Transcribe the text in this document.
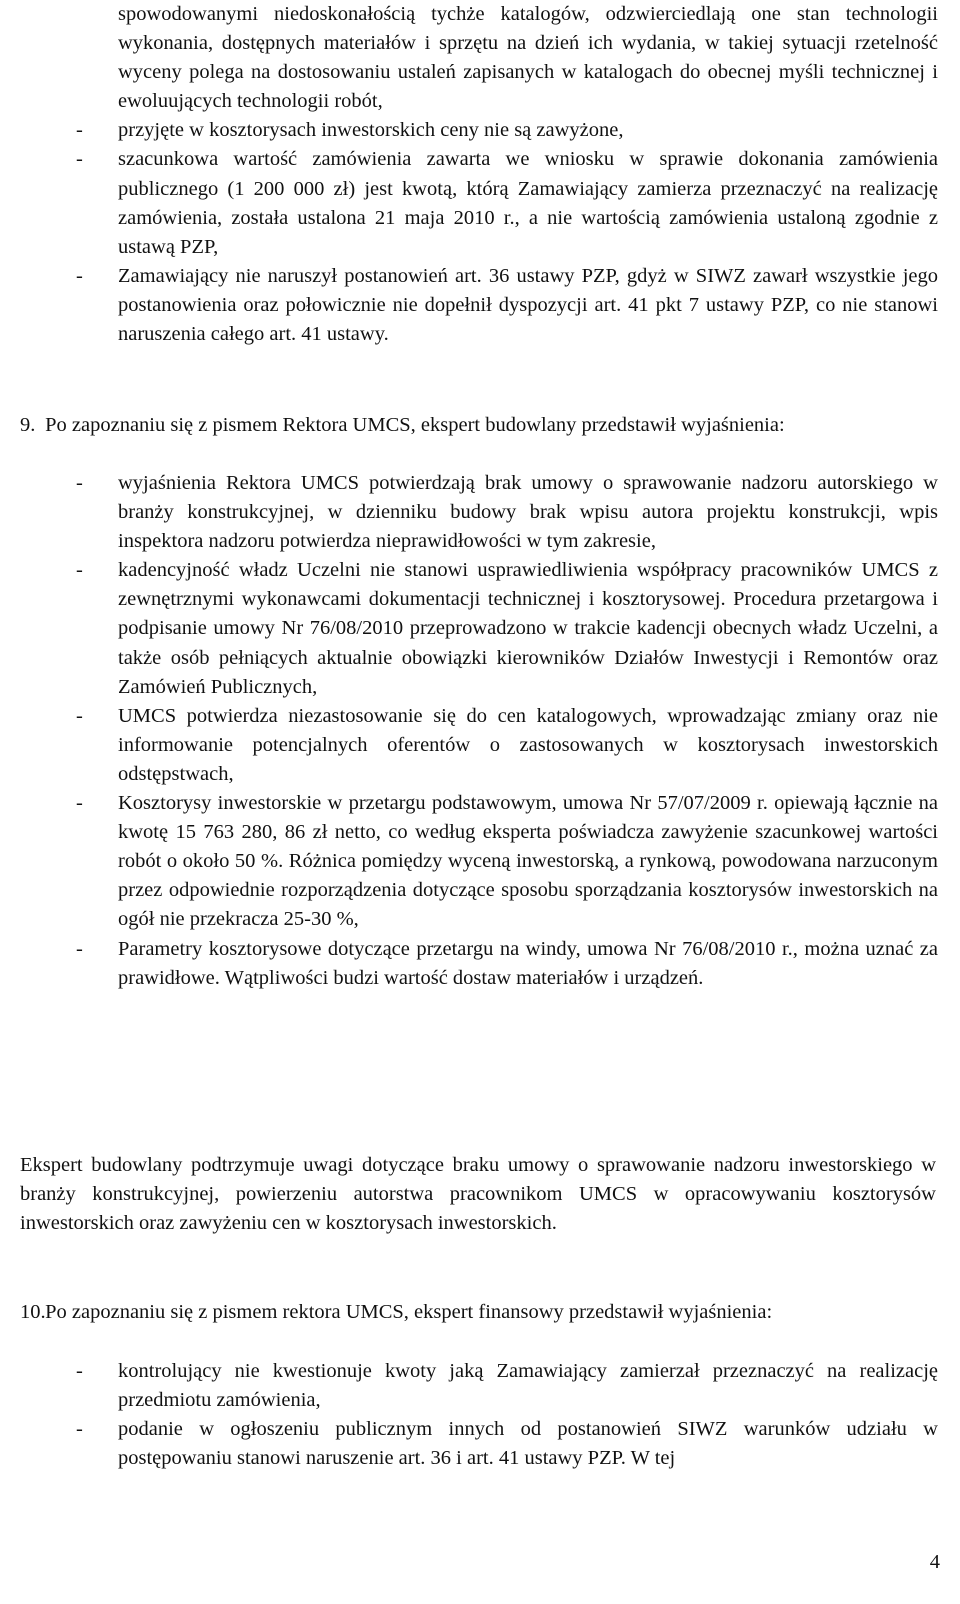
spowodowanymi niedoskonałością tychże katalogów, odzwierciedlają one stan technologii wykonania, dostępnych materiałów i sprzętu na dzień ich wydania, w takiej sytuacji rzetelność wyceny polega na dostosowaniu ustaleń zapisanych w katalogach do obecnej myśli technicznej i ewoluujących technologii robót,
- przyjęte w kosztorysach inwestorskich ceny nie są zawyżone,
- szacunkowa wartość zamówienia zawarta we wniosku w sprawie dokonania zamówienia publicznego (1 200 000 zł) jest kwotą, którą Zamawiający zamierza przeznaczyć na realizację zamówienia, została ustalona 21 maja 2010 r., a nie wartością zamówienia ustaloną zgodnie z ustawą PZP,
- Zamawiający nie naruszył postanowień art. 36 ustawy PZP, gdyż w SIWZ zawarł wszystkie jego postanowienia oraz połowicznie nie dopełnił dyspozycji art. 41 pkt 7 ustawy PZP, co nie stanowi naruszenia całego art. 41 ustawy.
9. Po zapoznaniu się z pismem Rektora UMCS, ekspert budowlany przedstawił wyjaśnienia:
- wyjaśnienia Rektora UMCS potwierdzają brak umowy o sprawowanie nadzoru autorskiego w branży konstrukcyjnej, w dzienniku budowy brak wpisu autora projektu konstrukcji, wpis inspektora nadzoru potwierdza nieprawidłowości w tym zakresie,
- kadencyjność władz Uczelni nie stanowi usprawiedliwienia współpracy pracowników UMCS z zewnętrznymi wykonawcami dokumentacji technicznej i kosztorysowej. Procedura przetargowa i podpisanie umowy Nr 76/08/2010 przeprowadzono w trakcie kadencji obecnych władz Uczelni, a także osób pełniących aktualnie obowiązki kierowników Działów Inwestycji i Remontów oraz Zamówień Publicznych,
- UMCS potwierdza niezastosowanie się do cen katalogowych, wprowadzając zmiany oraz nie informowanie potencjalnych oferentów o zastosowanych w kosztorysach inwestorskich odstępstwach,
- Kosztorysy inwestorskie w przetargu podstawowym, umowa Nr 57/07/2009 r. opiewają łącznie na kwotę 15 763 280, 86 zł netto, co według eksperta poświadcza zawyżenie szacunkowej wartości robót o około 50 %. Różnica pomiędzy wyceną inwestorską, a rynkową, powodowana narzuconym przez odpowiednie rozporządzenia dotyczące sposobu sporządzania kosztorysów inwestorskich na ogół nie przekracza 25-30 %,
- Parametry kosztorysowe dotyczące przetargu na windy, umowa Nr 76/08/2010 r., można uznać za prawidłowe. Wątpliwości budzi wartość dostaw materiałów i urządzeń.
Ekspert budowlany podtrzymuje uwagi dotyczące braku umowy o sprawowanie nadzoru inwestorskiego w branży konstrukcyjnej, powierzeniu autorstwa pracownikom UMCS w opracowywaniu kosztorysów inwestorskich oraz zawyżeniu cen w kosztorysach inwestorskich.
10. Po zapoznaniu się z pismem rektora UMCS, ekspert finansowy przedstawił wyjaśnienia:
- kontrolujący nie kwestionuje kwoty jaką Zamawiający zamierzał przeznaczyć na realizację przedmiotu zamówienia,
- podanie w ogłoszeniu publicznym innych od postanowień SIWZ warunków udziału w postępowaniu stanowi naruszenie art. 36 i art. 41 ustawy PZP. W tej
4
